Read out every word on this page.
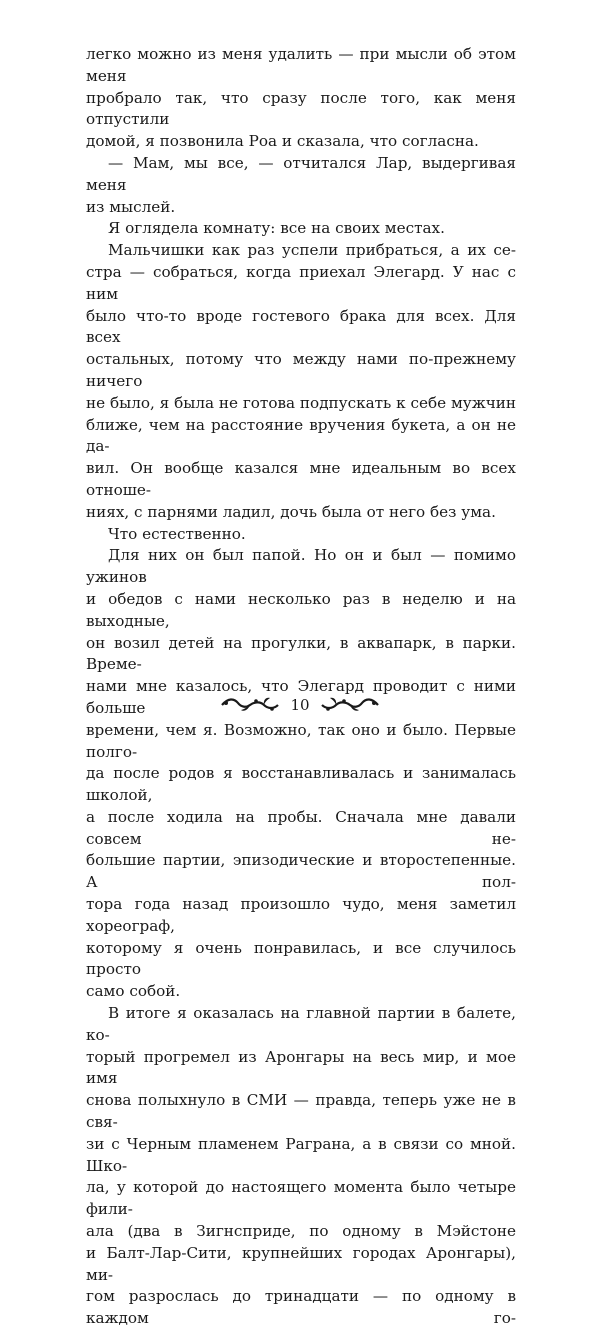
легко можно из меня удалить — при мысли об этом меня

пробрало так, что сразу после того, как меня отпустили

домой, я позвонила Роа и сказала, что согласна.

— Мам, мы все, — отчитался Лар, выдергивая меня

из мыслей.

Я оглядела комнату: все на своих местах.

Мальчишки как раз успели прибраться, а их се-

стра — собраться, когда приехал Элегард. У нас с ним

было что-то вроде гостевого брака для всех. Для всех

остальных, потому что между нами по-прежнему ничего

не было, я была не готова подпускать к себе мужчин

ближе, чем на расстояние вручения букета, а он не да-

вил. Он вообще казался мне идеальным во всех отноше-

ниях, с парнями ладил, дочь была от него без ума.

Что естественно.

Для них он был папой. Но он и был — помимо ужинов

и обедов с нами несколько раз в неделю и на выходные,

он возил детей на прогулки, в аквапарк, в парки. Време-

нами мне казалось, что Элегард проводит с ними больше

времени, чем я. Возможно, так оно и было. Первые полго-

да после родов я восстанавливалась и занималась школой,

а после ходила на пробы. Сначала мне давали совсем не-

большие партии, эпизодические и второстепенные. А пол-

тора года назад произошло чудо, меня заметил хореограф,

которому я очень понравилась, и все случилось просто

само собой.

В итоге я оказалась на главной партии в балете, ко-

торый прогремел из Аронгары на весь мир, и мое имя

снова полыхнуло в СМИ — правда, теперь уже не в свя-

зи с Черным пламенем Раграна, а в связи со мной. Шко-

ла, у которой до настоящего момента было четыре фили-

ала (два в Зигнсприде, по одному в Мэйстоне

и Балт-Лар-Сити, крупнейших городах Аронгары), ми-

гом разрослась до тринадцати — по одному в каждом го-

10
